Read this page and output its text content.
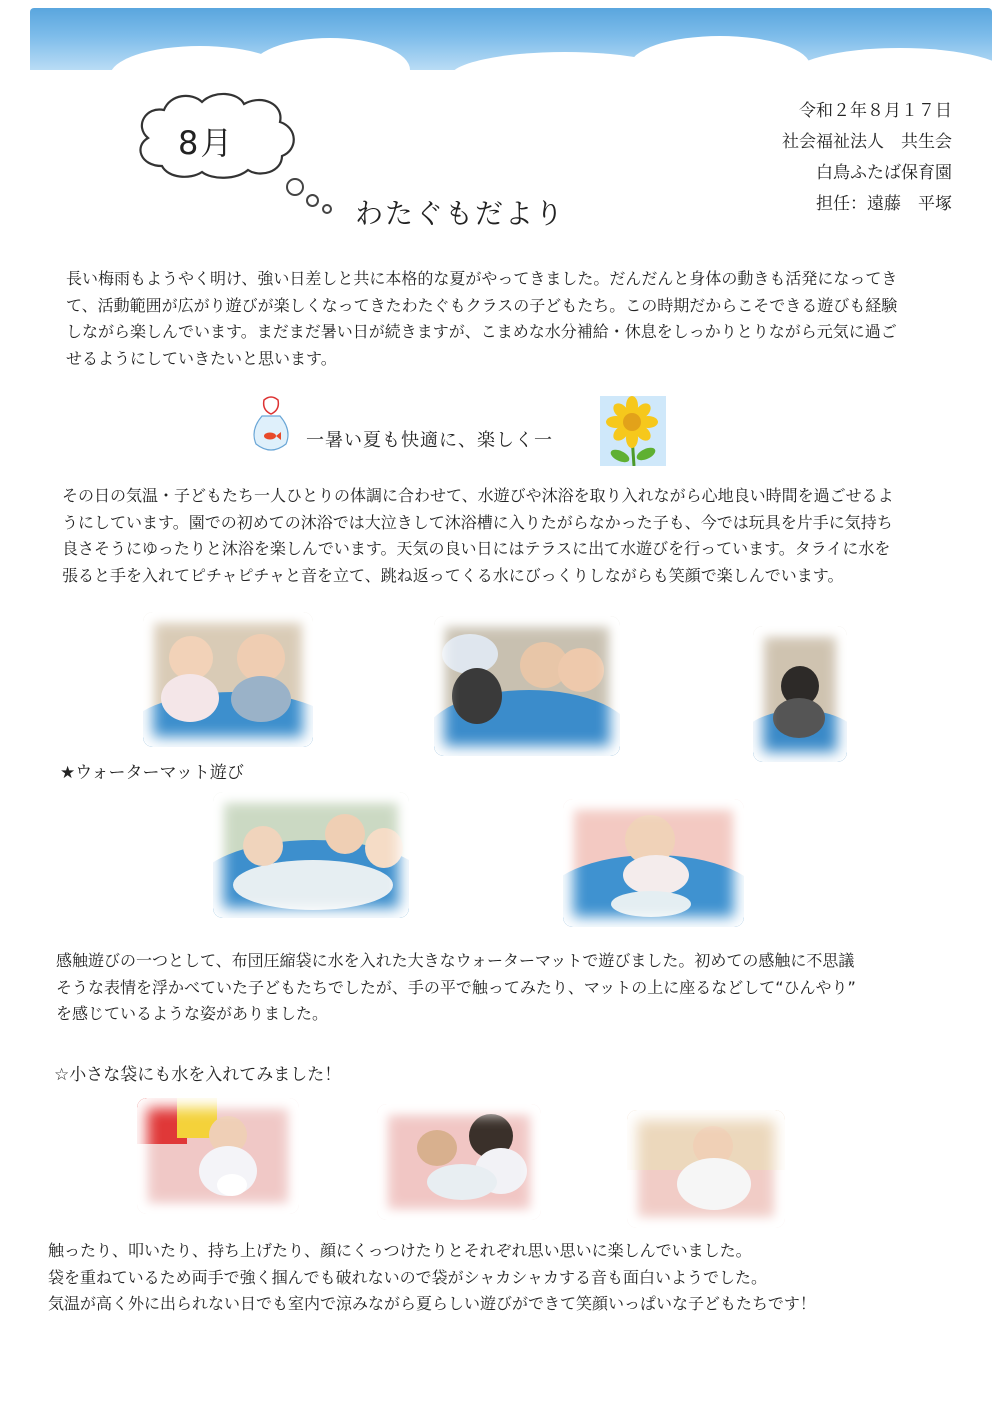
8月
わたぐもだより
令和２年８月１７日
社会福祉法人　共生会
白鳥ふたば保育園
担任：遠藤　平塚
長い梅雨もようやく明け、強い日差しと共に本格的な夏がやってきました。だんだんと身体の動きも活発になってき
て、活動範囲が広がり遊びが楽しくなってきたわたぐもクラスの子どもたち。この時期だからこそできる遊びも経験
しながら楽しんでいます。まだまだ暑い日が続きますが、こまめな水分補給・休息をしっかりとりながら元気に過ご
せるようにしていきたいと思います。
一暑い夏も快適に、楽しく一
その日の気温・子どもたち一人ひとりの体調に合わせて、水遊びや沐浴を取り入れながら心地良い時間を過ごせるよ
うにしています。園での初めての沐浴では大泣きして沐浴槽に入りたがらなかった子も、今では玩具を片手に気持ち
良さそうにゆったりと沐浴を楽しんでいます。天気の良い日にはテラスに出て水遊びを行っています。タライに水を
張ると手を入れてピチャピチャと音を立て、跳ね返ってくる水にびっくりしながらも笑顔で楽しんでいます。
★ウォーターマット遊び
感触遊びの一つとして、布団圧縮袋に水を入れた大きなウォーターマットで遊びました。初めての感触に不思議
そうな表情を浮かべていた子どもたちでしたが、手の平で触ってみたり、マットの上に座るなどして“ひんやり”
を感じているような姿がありました。
☆小さな袋にも水を入れてみました！
触ったり、叩いたり、持ち上げたり、顔にくっつけたりとそれぞれ思い思いに楽しんでいました。
袋を重ねているため両手で強く掴んでも破れないので袋がシャカシャカする音も面白いようでした。
気温が高く外に出られない日でも室内で涼みながら夏らしい遊びができて笑顔いっぱいな子どもたちです！
